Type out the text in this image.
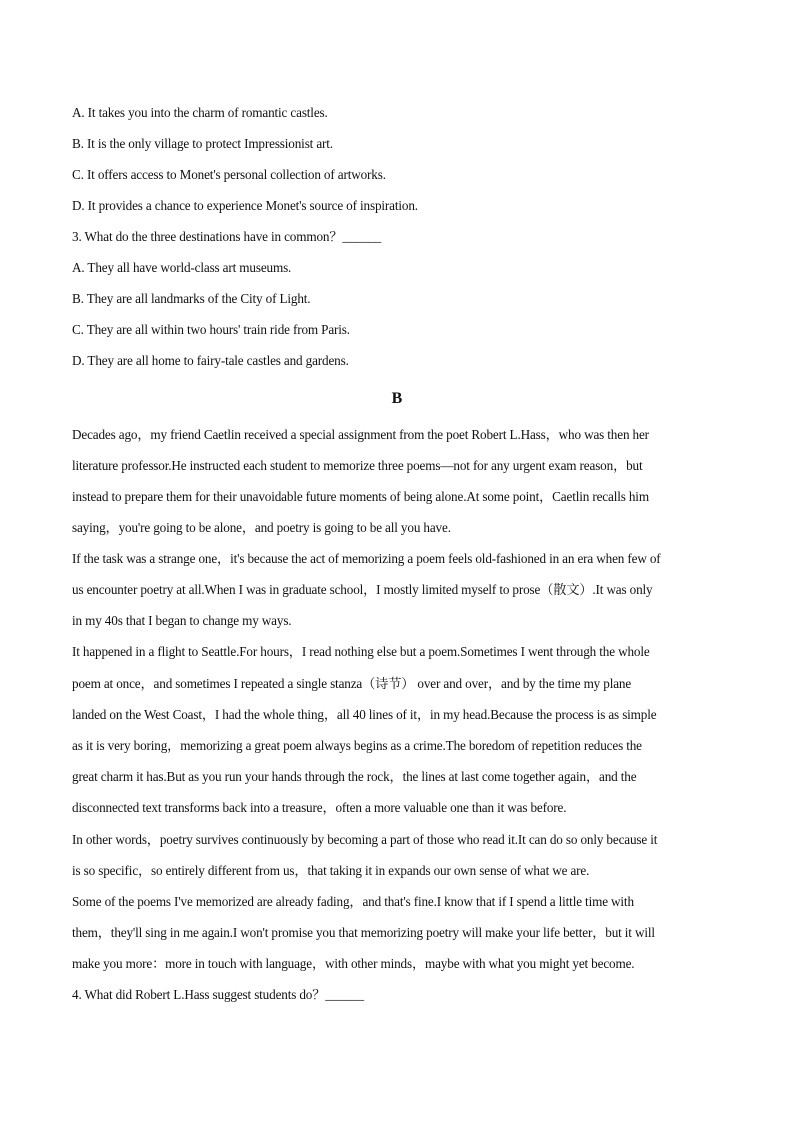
A. It takes you into the charm of romantic castles.
B. It is the only village to protect Impressionist art.
C. It offers access to Monet's personal collection of artworks.
D. It provides a chance to experience Monet's source of inspiration.
3. What do the three destinations have in common？______
A. They all have world-class art museums.
B. They are all landmarks of the City of Light.
C. They are all within two hours' train ride from Paris.
D. They are all home to fairy-tale castles and gardens.
B
Decades ago，my friend Caetlin received a special assignment from the poet Robert L.Hass，who was then her
literature professor.He instructed each student to memorize three poems—not for any urgent exam reason，but
instead to prepare them for their unavoidable future moments of being alone.At some point，Caetlin recalls him
saying，you're going to be alone，and poetry is going to be all you have.
If the task was a strange one，it's because the act of memorizing a poem feels old-fashioned in an era when few of
us encounter poetry at all.When I was in graduate school，I mostly limited myself to prose（散文）.It was only
in my 40s that I began to change my ways.
It happened in a flight to Seattle.For hours，I read nothing else but a poem.Sometimes I went through the whole
poem at once，and sometimes I repeated a single stanza（诗节） over and over，and by the time my plane
landed on the West Coast，I had the whole thing，all 40 lines of it，in my head.Because the process is as simple
as it is very boring，memorizing a great poem always begins as a crime.The boredom of repetition reduces the
great charm it has.But as you run your hands through the rock，the lines at last come together again，and the
disconnected text transforms back into a treasure，often a more valuable one than it was before.
In other words，poetry survives continuously by becoming a part of those who read it.It can do so only because it
is so specific，so entirely different from us，that taking it in expands our own sense of what we are.
Some of the poems I've memorized are already fading，and that's fine.I know that if I spend a little time with
them，they'll sing in me again.I won't promise you that memorizing poetry will make your life better，but it will
make you more：more in touch with language，with other minds，maybe with what you might yet become.
4. What did Robert L.Hass suggest students do？______
